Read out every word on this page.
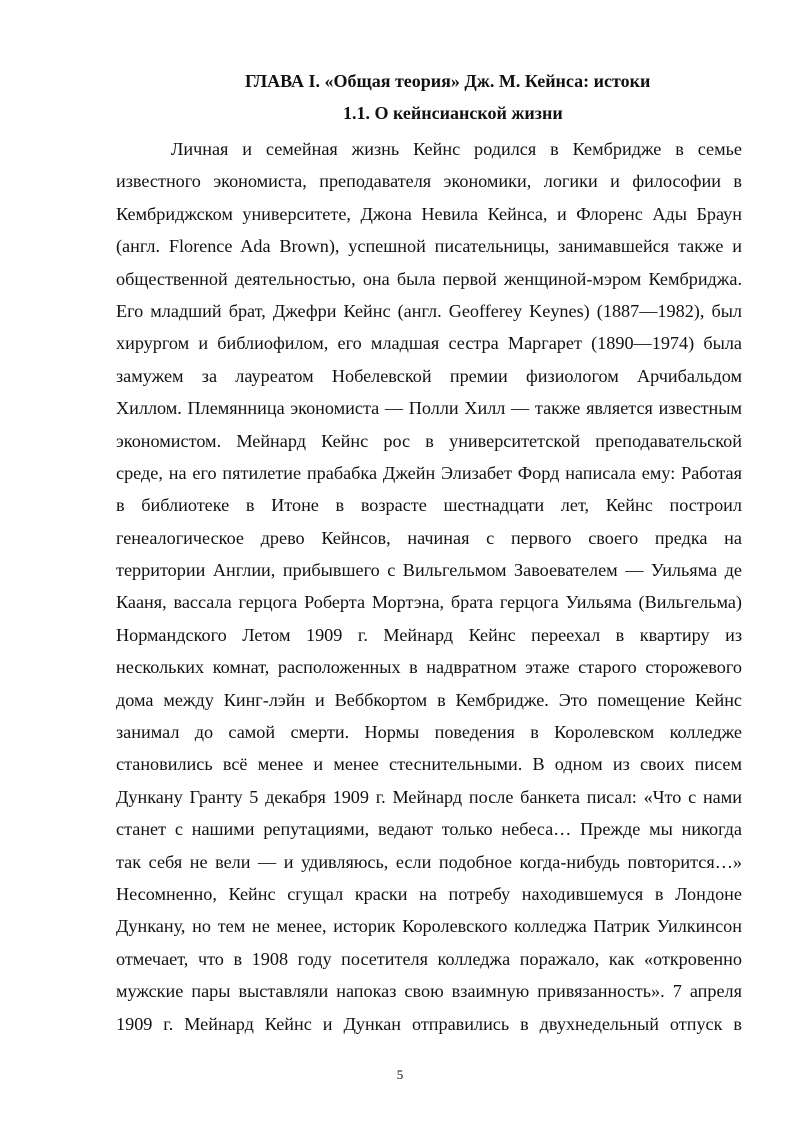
ГЛАВА I. «Общая теория» Дж. М. Кейнса: истоки
1.1. О кейнсианской жизни
Личная и семейная жизнь Кейнс родился в Кембридже в семье
известного экономиста, преподавателя экономики, логики и философии в
Кембриджском университете, Джона Невила Кейнса, и Флоренс Ады Браун
(англ. Florence Ada Brown), успешной писательницы, занимавшейся также и
общественной деятельностью, она была первой женщиной-мэром Кембриджа.
Его младший брат, Джефри Кейнс (англ. Geofferey Keynes) (1887—1982), был
хирургом и библиофилом, его младшая сестра Маргарет (1890—1974) была
замужем за лауреатом Нобелевской премии физиологом Арчибальдом
Хиллом. Племянница экономиста — Полли Хилл — также является известным
экономистом. Мейнард Кейнс рос в университетской преподавательской
среде, на его пятилетие прабабка Джейн Элизабет Форд написала ему: Работая
в библиотеке в Итоне в возрасте шестнадцати лет, Кейнс построил
генеалогическое древо Кейнсов, начиная с первого своего предка на
территории Англии, прибывшего с Вильгельмом Завоевателем — Уильяма де
Кааня, вассала герцога Роберта Мортэна, брата герцога Уильяма (Вильгельма)
Нормандского Летом 1909 г. Мейнард Кейнс переехал в квартиру из
нескольких комнат, расположенных в надвратном этаже старого сторожевого
дома между Кинг-лэйн и Веббкортом в Кембридже. Это помещение Кейнс
занимал до самой смерти. Нормы поведения в Королевском колледже
становились всё менее и менее стеснительными. В одном из своих писем
Дункану Гранту 5 декабря 1909 г. Мейнард после банкета писал: «Что с нами
станет с нашими репутациями, ведают только небеса… Прежде мы никогда
так себя не вели — и удивляюсь, если подобное когда-нибудь повторится…»
Несомненно, Кейнс сгущал краски на потребу находившемуся в Лондоне
Дункану, но тем не менее, историк Королевского колледжа Патрик Уилкинсон
отмечает, что в 1908 году посетителя колледжа поражало, как «откровенно
мужские пары выставляли напоказ свою взаимную привязанность». 7 апреля
1909 г. Мейнард Кейнс и Дункан отправились в двухнедельный отпуск в
5
